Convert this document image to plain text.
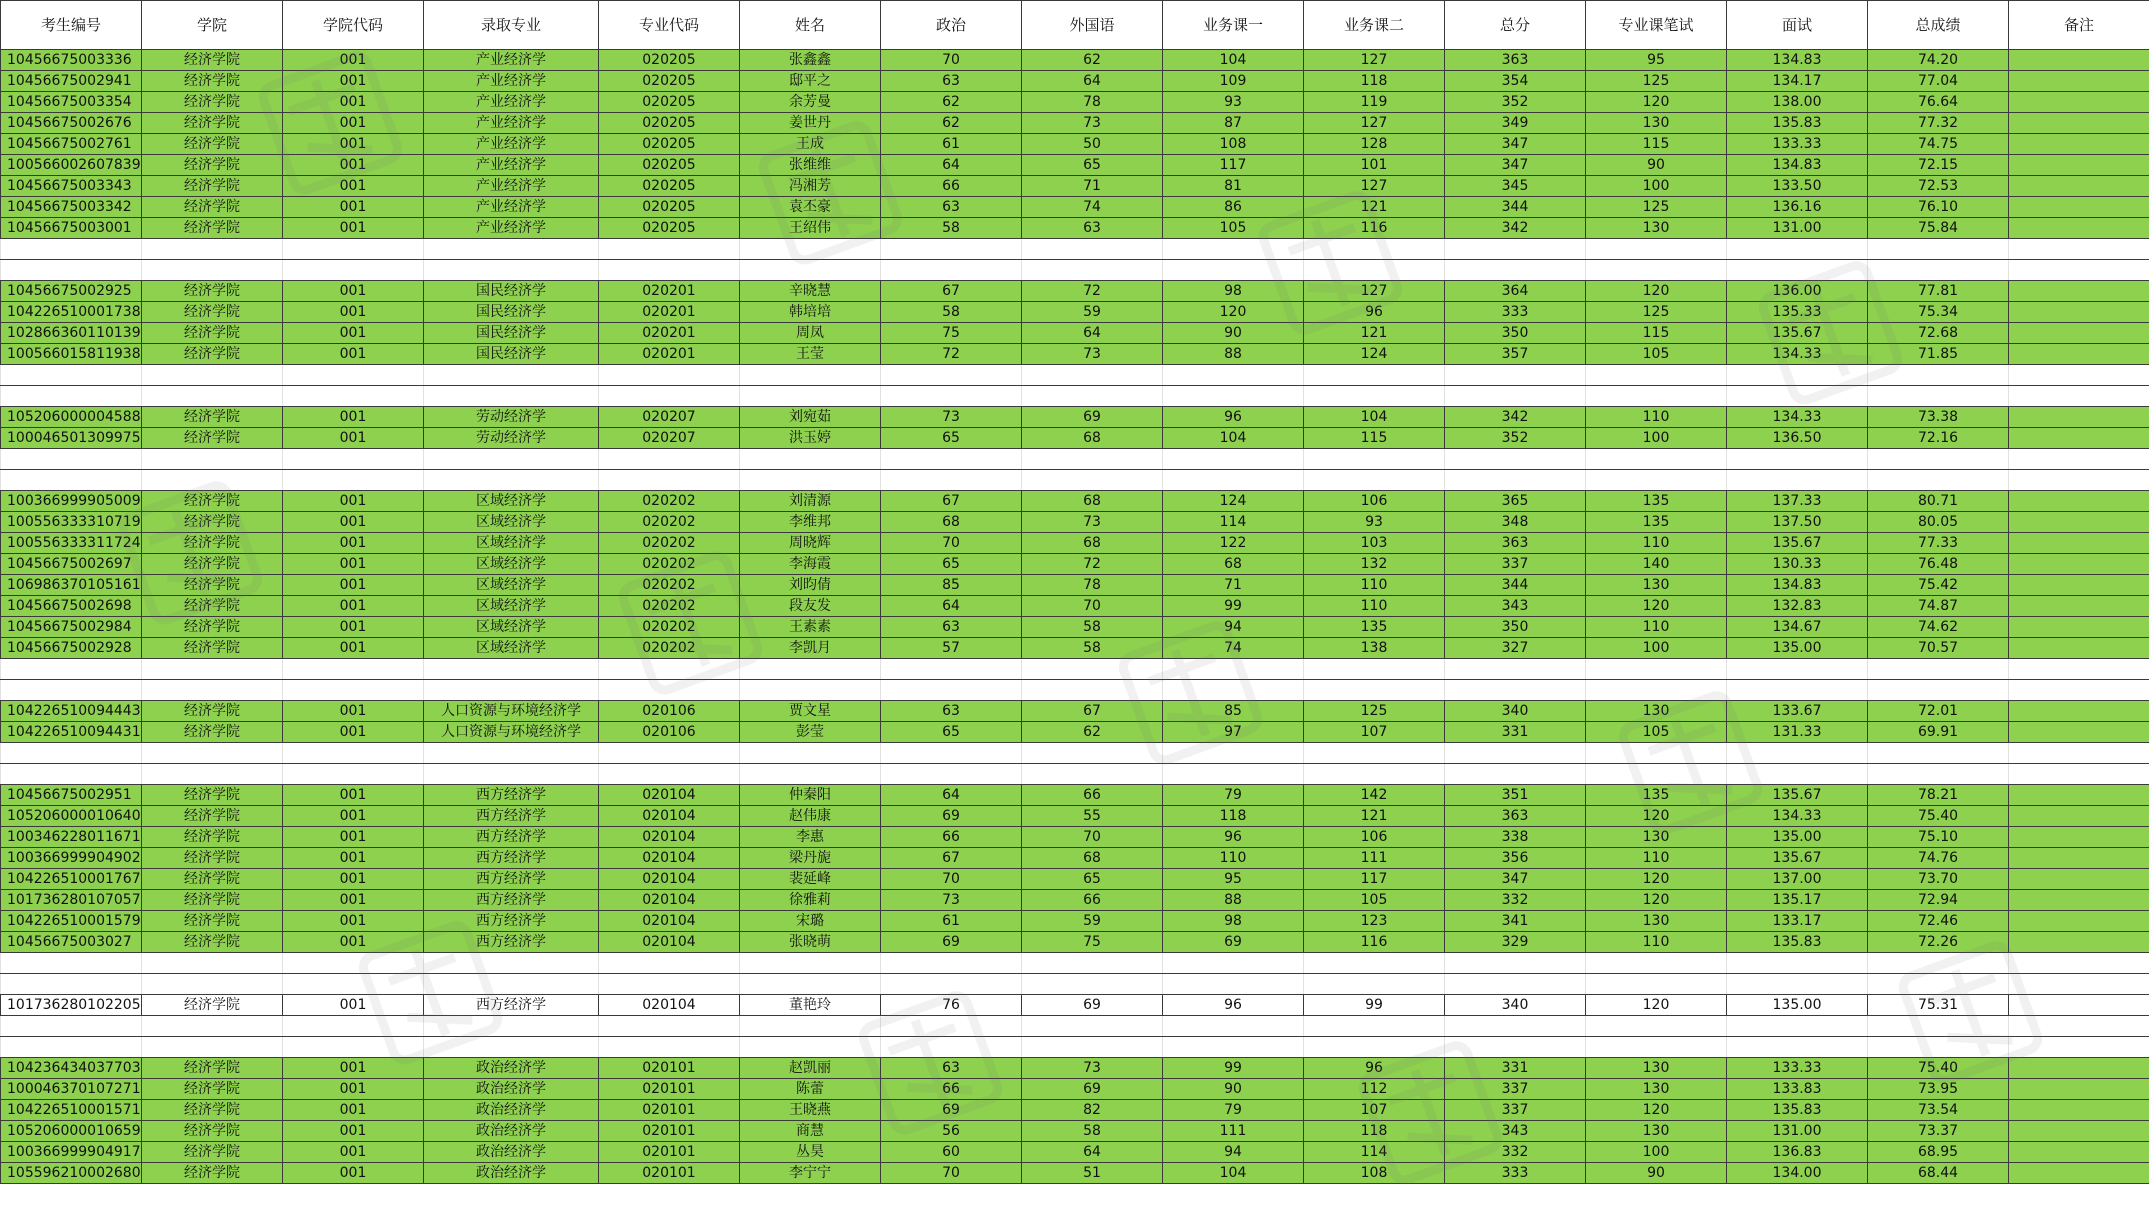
考生编号	学院	学院代码	录取专业	专业代码	姓名	政治	外国语	业务课一	业务课二	总分	专业课笔试	面试	总成绩	备注
10456675003336	经济学院	001	产业经济学	020205	张鑫鑫	70	62	104	127	363	95	134.83	74.20	
10456675002941	经济学院	001	产业经济学	020205	邸平之	63	64	109	118	354	125	134.17	77.04	
10456675003354	经济学院	001	产业经济学	020205	余芳曼	62	78	93	119	352	120	138.00	76.64	
10456675002676	经济学院	001	产业经济学	020205	姜世丹	62	73	87	127	349	130	135.83	77.32	
10456675002761	经济学院	001	产业经济学	020205	王成	61	50	108	128	347	115	133.33	74.75	
100566002607839	经济学院	001	产业经济学	020205	张维维	64	65	117	101	347	90	134.83	72.15	
10456675003343	经济学院	001	产业经济学	020205	冯湘芳	66	71	81	127	345	100	133.50	72.53	
10456675003342	经济学院	001	产业经济学	020205	袁丕豪	63	74	86	121	344	125	136.16	76.10	
10456675003001	经济学院	001	产业经济学	020205	王绍伟	58	63	105	116	342	130	131.00	75.84	

10456675002925	经济学院	001	国民经济学	020201	辛晓慧	67	72	98	127	364	120	136.00	77.81	
104226510001738	经济学院	001	国民经济学	020201	韩培培	58	59	120	96	333	125	135.33	75.34	
102866360110139	经济学院	001	国民经济学	020201	周凤	75	64	90	121	350	115	135.67	72.68	
100566015811938	经济学院	001	国民经济学	020201	王莹	72	73	88	124	357	105	134.33	71.85	

105206000004588	经济学院	001	劳动经济学	020207	刘宛茹	73	69	96	104	342	110	134.33	73.38	
100046501309975	经济学院	001	劳动经济学	020207	洪玉婷	65	68	104	115	352	100	136.50	72.16	

100366999905009	经济学院	001	区域经济学	020202	刘清源	67	68	124	106	365	135	137.33	80.71	
100556333310719	经济学院	001	区域经济学	020202	李维邦	68	73	114	93	348	135	137.50	80.05	
100556333311724	经济学院	001	区域经济学	020202	周晓辉	70	68	122	103	363	110	135.67	77.33	
10456675002697	经济学院	001	区域经济学	020202	李海霞	65	72	68	132	337	140	130.33	76.48	
106986370105161	经济学院	001	区域经济学	020202	刘昀倩	85	78	71	110	344	130	134.83	75.42	
10456675002698	经济学院	001	区域经济学	020202	段友发	64	70	99	110	343	120	132.83	74.87	
10456675002984	经济学院	001	区域经济学	020202	王素素	63	58	94	135	350	110	134.67	74.62	
10456675002928	经济学院	001	区域经济学	020202	李凯月	57	58	74	138	327	100	135.00	70.57	

104226510094443	经济学院	001	人口资源与环境经济学	020106	贾文星	63	67	85	125	340	130	133.67	72.01	
104226510094431	经济学院	001	人口资源与环境经济学	020106	彭莹	65	62	97	107	331	105	131.33	69.91	

10456675002951	经济学院	001	西方经济学	020104	仲秦阳	64	66	79	142	351	135	135.67	78.21	
105206000010640	经济学院	001	西方经济学	020104	赵伟康	69	55	118	121	363	120	134.33	75.40	
100346228011671	经济学院	001	西方经济学	020104	李惠	66	70	96	106	338	130	135.00	75.10	
100366999904902	经济学院	001	西方经济学	020104	梁丹旎	67	68	110	111	356	110	135.67	74.76	
104226510001767	经济学院	001	西方经济学	020104	裴延峰	70	65	95	117	347	120	137.00	73.70	
101736280107057	经济学院	001	西方经济学	020104	徐雅莉	73	66	88	105	332	120	135.17	72.94	
104226510001579	经济学院	001	西方经济学	020104	宋璐	61	59	98	123	341	130	133.17	72.46	
10456675003027	经济学院	001	西方经济学	020104	张晓萌	69	75	69	116	329	110	135.83	72.26	

101736280102205	经济学院	001	西方经济学	020104	董艳玲	76	69	96	99	340	120	135.00	75.31	

104236434037703	经济学院	001	政治经济学	020101	赵凯丽	63	73	99	96	331	130	133.33	75.40	
100046370107271	经济学院	001	政治经济学	020101	陈蕾	66	69	90	112	337	130	133.83	73.95	
104226510001571	经济学院	001	政治经济学	020101	王晓燕	69	82	79	107	337	120	135.83	73.54	
105206000010659	经济学院	001	政治经济学	020101	商慧	56	58	111	118	343	130	131.00	73.37	
100366999904917	经济学院	001	政治经济学	020101	丛昊	60	64	94	114	332	100	136.83	68.95	
105596210002680	经济学院	001	政治经济学	020101	李宁宁	70	51	104	108	333	90	134.00	68.44	
